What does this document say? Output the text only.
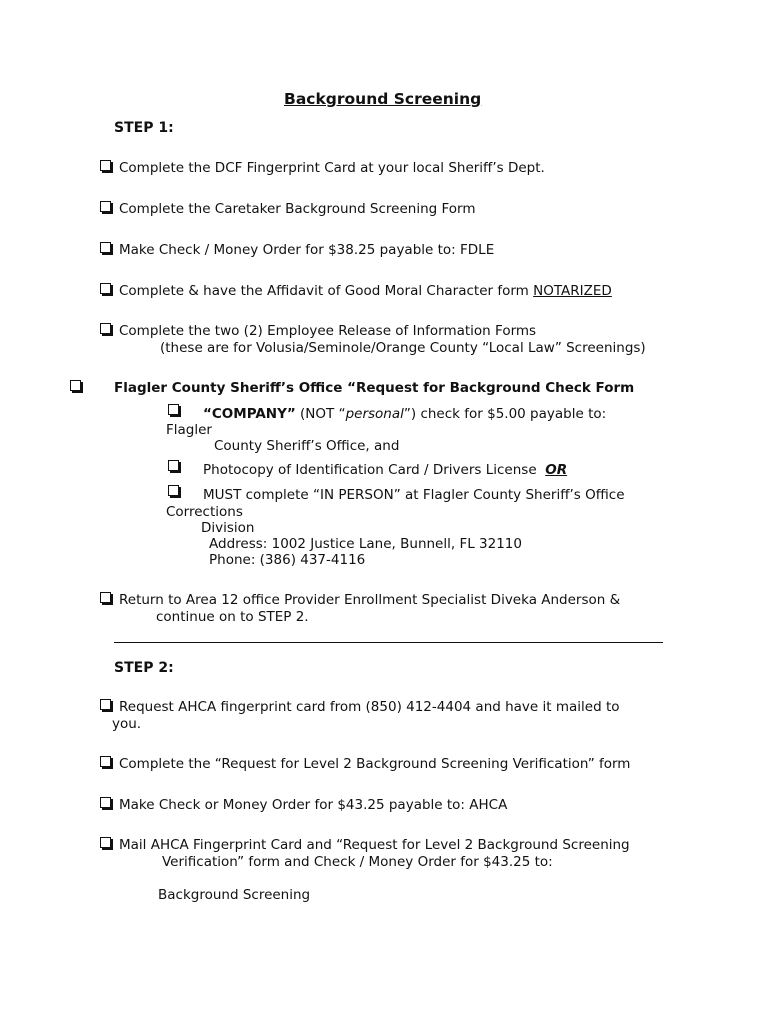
Background Screening
STEP 1:
Complete the DCF Fingerprint Card at your local Sheriff’s Dept.
Complete the Caretaker Background Screening Form
Make Check / Money Order for $38.25 payable to: FDLE
Complete & have the Affidavit of Good Moral Character form NOTARIZED
Complete the two (2) Employee Release of Information Forms
(these are for Volusia/Seminole/Orange County “Local Law” Screenings)
Flagler County Sheriff’s Office “Request for Background Check Form
“COMPANY” (NOT “personal”) check for $5.00 payable to:
Flagler
County Sheriff’s Office, and
Photocopy of Identification Card / Drivers License OR
MUST complete “IN PERSON” at Flagler County Sheriff’s Office
Corrections
Division
Address: 1002 Justice Lane, Bunnell, FL 32110
Phone: (386) 437-4116
Return to Area 12 office Provider Enrollment Specialist Diveka Anderson &
continue on to STEP 2.
STEP 2:
Request AHCA fingerprint card from (850) 412-4404 and have it mailed to
you.
Complete the “Request for Level 2 Background Screening Verification” form
Make Check or Money Order for $43.25 payable to: AHCA
Mail AHCA Fingerprint Card and “Request for Level 2 Background Screening
Verification” form and Check / Money Order for $43.25 to:
Background Screening
